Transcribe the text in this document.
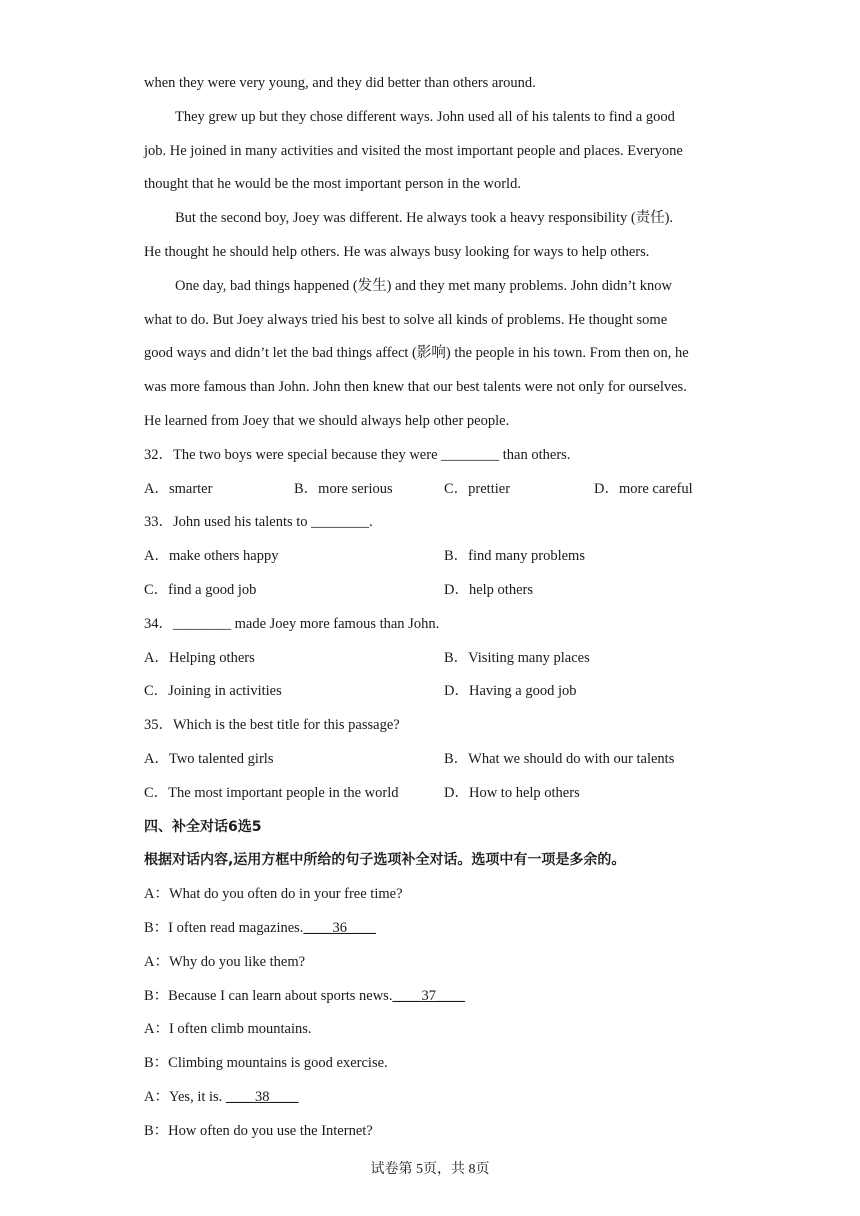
when they were very young, and they did better than others around.
They grew up but they chose different ways. John used all of his talents to find a good
job. He joined in many activities and visited the most important people and places. Everyone
thought that he would be the most important person in the world.
But the second boy, Joey was different. He always took a heavy responsibility (责任).
He thought he should help others. He was always busy looking for ways to help others.
One day, bad things happened (发生) and they met many problems. John didn’t know
what to do. But Joey always tried his best to solve all kinds of problems. He thought some
good ways and didn’t let the bad things affect (影响) the people in his town. From then on, he
was more famous than John. John then knew that our best talents were not only for ourselves.
He learned from Joey that we should always help other people.
32．The two boys were special because they were ________ than others.
A．smarter	B．more serious	C．prettier	D．more careful
33．John used his talents to ________.
A．make others happy	B．find many problems
C．find a good job	D．help others
34．________ made Joey more famous than John.
A．Helping others	B．Visiting many places
C．Joining in activities	D．Having a good job
35．Which is the best title for this passage?
A．Two talented girls	B．What we should do with our talents
C．The most important people in the world	D．How to help others
四、补全对话6选5
根据对话内容,运用方框中所给的句子选项补全对话。选项中有一项是多余的。
A：What do you often do in your free time?
B：I often read magazines.____36____
A：Why do you like them?
B：Because I can learn about sports news.____37____
A：I often climb mountains.
B：Climbing mountains is good exercise.
A：Yes, it is. ____38____
B：How often do you use the Internet?
试卷第 5页，共 8页
